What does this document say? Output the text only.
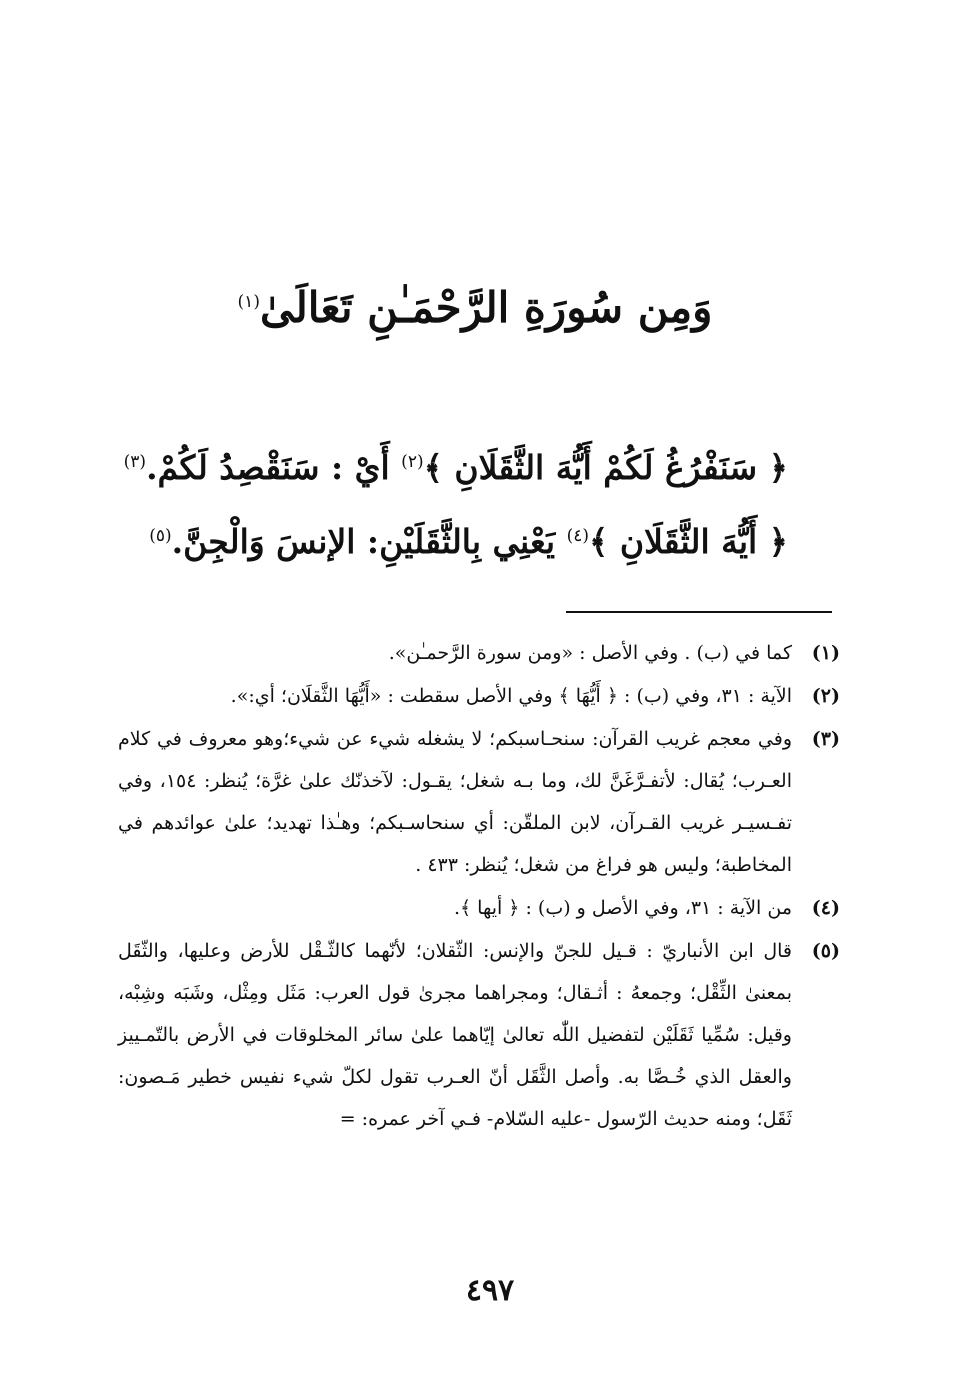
وَمِن سُورَةِ الرَّحْمَـٰنِ تَعَالَىٰ$^{(١)}$

﴿ سَنَفْرُغُ لَكُمْ أَيُّهَ الثَّقَلَانِ ﴾$^{(٢)}$ أَيْ : سَنَقْصِدُ لَكُمْ.$^{(٣)}$

﴿ أَيُّهَ الثَّقَلَانِ ﴾$^{(٤)}$ يَعْنِي بِالثَّقَلَيْنِ: الإنسَ وَالْجِنَّ.$^{(٥)}$

(١)
كما في (ب) . وفي الأصل : «ومن سورة الرَّحمـٰن».
(٢)
الآية : ٣١، وفي (ب) : ﴿ أَيُّهَا ﴾ وفي الأصل سقطت : «أَيُّهَا الثَّقلَان؛ أي:».
(٣)
وفي معجم غريب القرآن: سنحـاسبكم؛ لا يشغله شيء عن شيء؛وهو معروف في كلام العـرب؛ يُقال: لأتفـرَّغَنَّ لك، وما بـه شغل؛ يقـول: لآخذنّك علىٰ غرَّة؛ يُنظر: ١٥٤، وفي تفـسيـر غريب القـرآن، لابن الملقّن: أي سنحاسـبكم؛ وهـٰذا تهديد؛ علىٰ عوائدهم في المخاطبة؛ وليس هو فراغ من شغل؛ يُنظر: ٤٣٣ .
(٤)
من الآية : ٣١، وفي الأصل و (ب) : ﴿ أيها ﴾.
(٥)
قال ابن الأنباريّ : قـيل للجنّ والإنس: الثّقلان؛ لأنّهما كالثّـقْل للأرض وعليها، والثّقَل بمعنىٰ الثِّقْل؛ وجمعهُ : أثـقال؛ ومجراهما مجرىٰ قول العرب: مَثَل ومِثْل، وشَبَه وشِبْه، وقيل: سُمِّيا ثَقَلَيْن لتفضيل اللّٰه تعالىٰ إيّاهما علىٰ سائر المخلوقات في الأرض بالتّمـييز والعقل الذي خُـصَّا به. وأصل الثَّقَل أنّ العـرب تقول لكلّ شيء نفيس خطير مَـصون: ثَقَل؛ ومنه حديث الرّسول -عليه السّلام- فـي آخر عمره: =
٤٩٧
